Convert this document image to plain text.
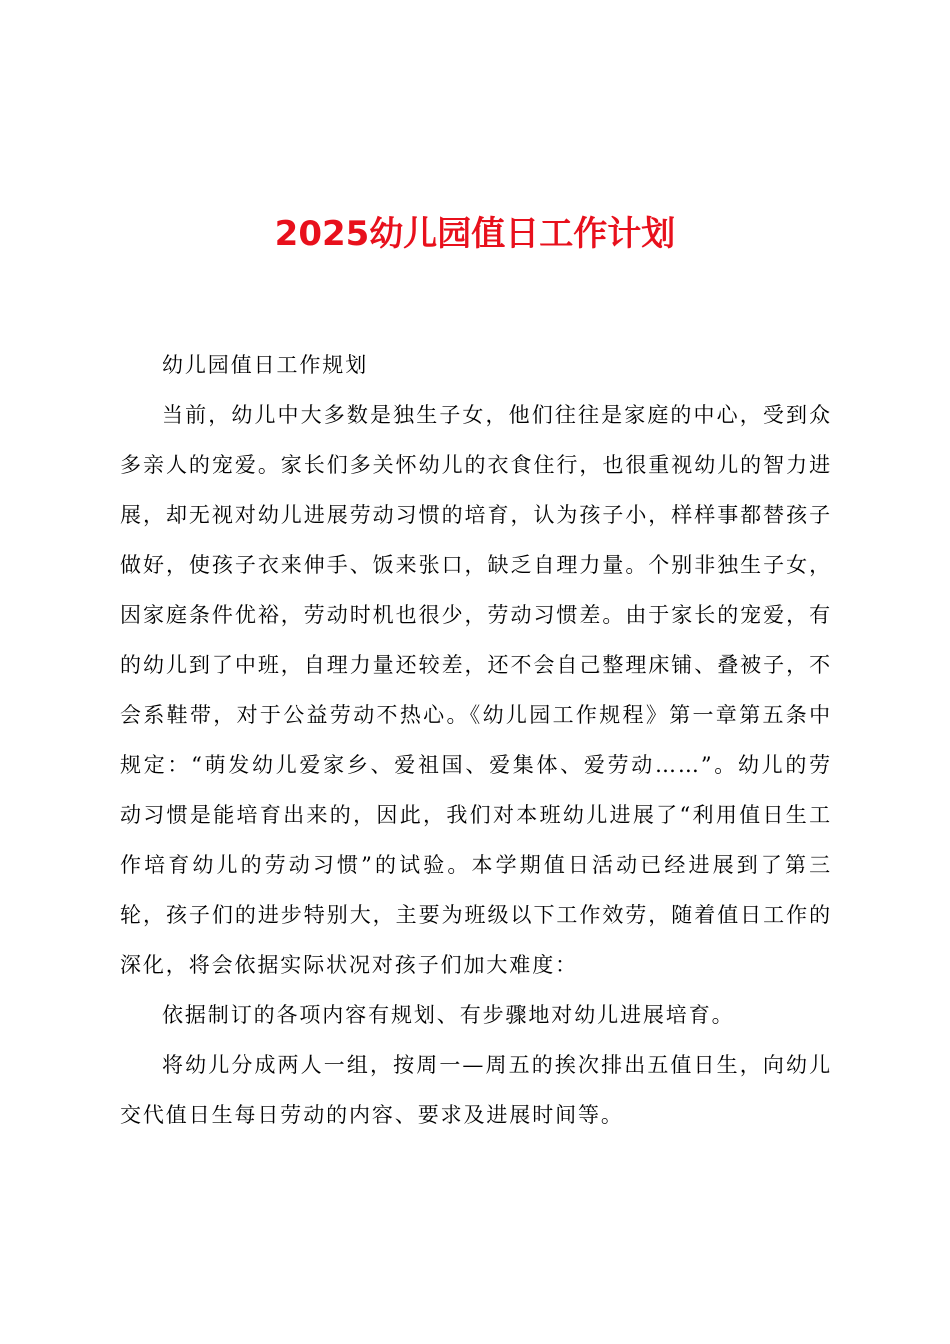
2025幼儿园值日工作计划

幼儿园值日工作规划

当前，幼儿中大多数是独生子女，他们往往是家庭的中心，受到众多亲人的宠爱。家长们多关怀幼儿的衣食住行，也很重视幼儿的智力进展，却无视对幼儿进展劳动习惯的培育，认为孩子小，样样事都替孩子做好，使孩子衣来伸手、饭来张口，缺乏自理力量。个别非独生子女，因家庭条件优裕，劳动时机也很少，劳动习惯差。由于家长的宠爱，有的幼儿到了中班，自理力量还较差，还不会自己整理床铺、叠被子，不会系鞋带，对于公益劳动不热心。《幼儿园工作规程》第一章第五条中规定：“萌发幼儿爱家乡、爱祖国、爱集体、爱劳动……”。幼儿的劳动习惯是能培育出来的，因此，我们对本班幼儿进展了“利用值日生工作培育幼儿的劳动习惯”的试验。本学期值日活动已经进展到了第三轮，孩子们的进步特别大，主要为班级以下工作效劳，随着值日工作的深化，将会依据实际状况对孩子们加大难度：

依据制订的各项内容有规划、有步骤地对幼儿进展培育。

将幼儿分成两人一组，按周一—周五的挨次排出五值日生，向幼儿交代值日生每日劳动的内容、要求及进展时间等。
